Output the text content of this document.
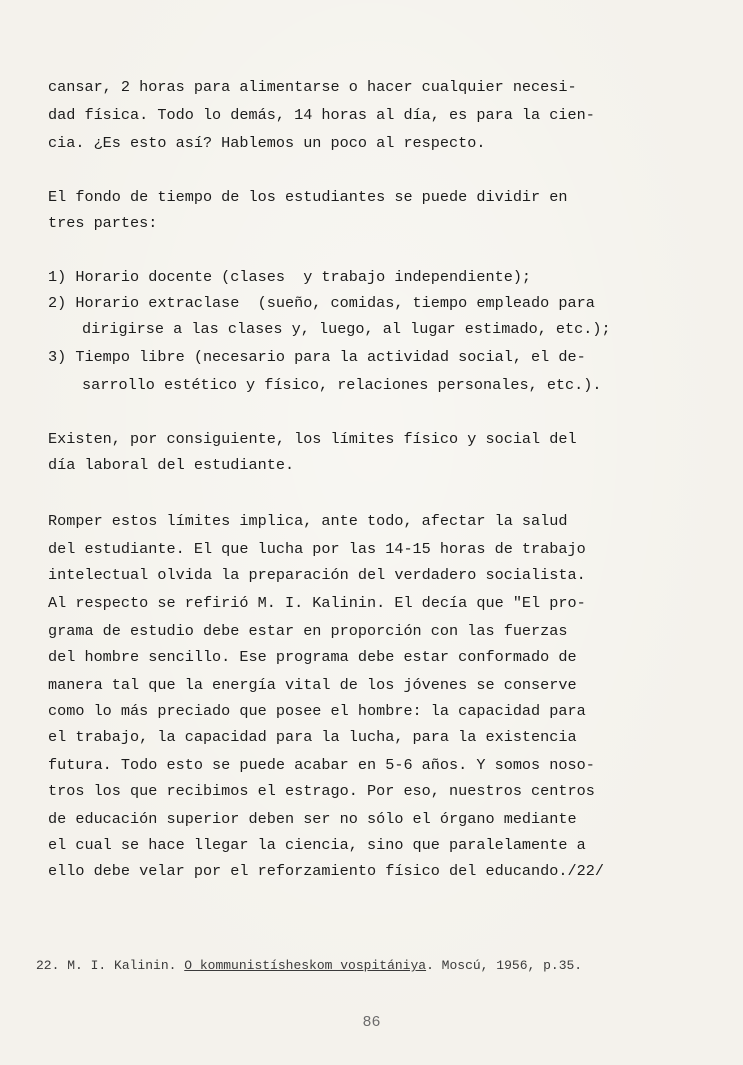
cansar, 2 horas para alimentarse o hacer cualquier necesi-
dad física. Todo lo demás, 14 horas al día, es para la cien-
cia. ¿Es esto así? Hablemos un poco al respecto.
El fondo de tiempo de los estudiantes se puede dividir en
tres partes:
1) Horario docente (clases  y trabajo independiente);
2) Horario extraclase  (sueño, comidas, tiempo empleado para
dirigirse a las clases y, luego, al lugar estimado, etc.);
3) Tiempo libre (necesario para la actividad social, el de-
sarrollo estético y físico, relaciones personales, etc.).
Existen, por consiguiente, los límites físico y social del
día laboral del estudiante.
Romper estos límites implica, ante todo, afectar la salud
del estudiante. El que lucha por las 14-15 horas de trabajo
intelectual olvida la preparación del verdadero socialista.
Al respecto se refirió M. I. Kalinin. El decía que "El pro-
grama de estudio debe estar en proporción con las fuerzas
del hombre sencillo. Ese programa debe estar conformado de
manera tal que la energía vital de los jóvenes se conserve
como lo más preciado que posee el hombre: la capacidad para
el trabajo, la capacidad para la lucha, para la existencia
futura. Todo esto se puede acabar en 5-6 años. Y somos noso-
tros los que recibimos el estrago. Por eso, nuestros centros
de educación superior deben ser no sólo el órgano mediante
el cual se hace llegar la ciencia, sino que paralelamente a
ello debe velar por el reforzamiento físico del educando./22/
22. M. I. Kalinin. O kommunistísheskom vospitániya. Moscú, 1956, p.35.
86
